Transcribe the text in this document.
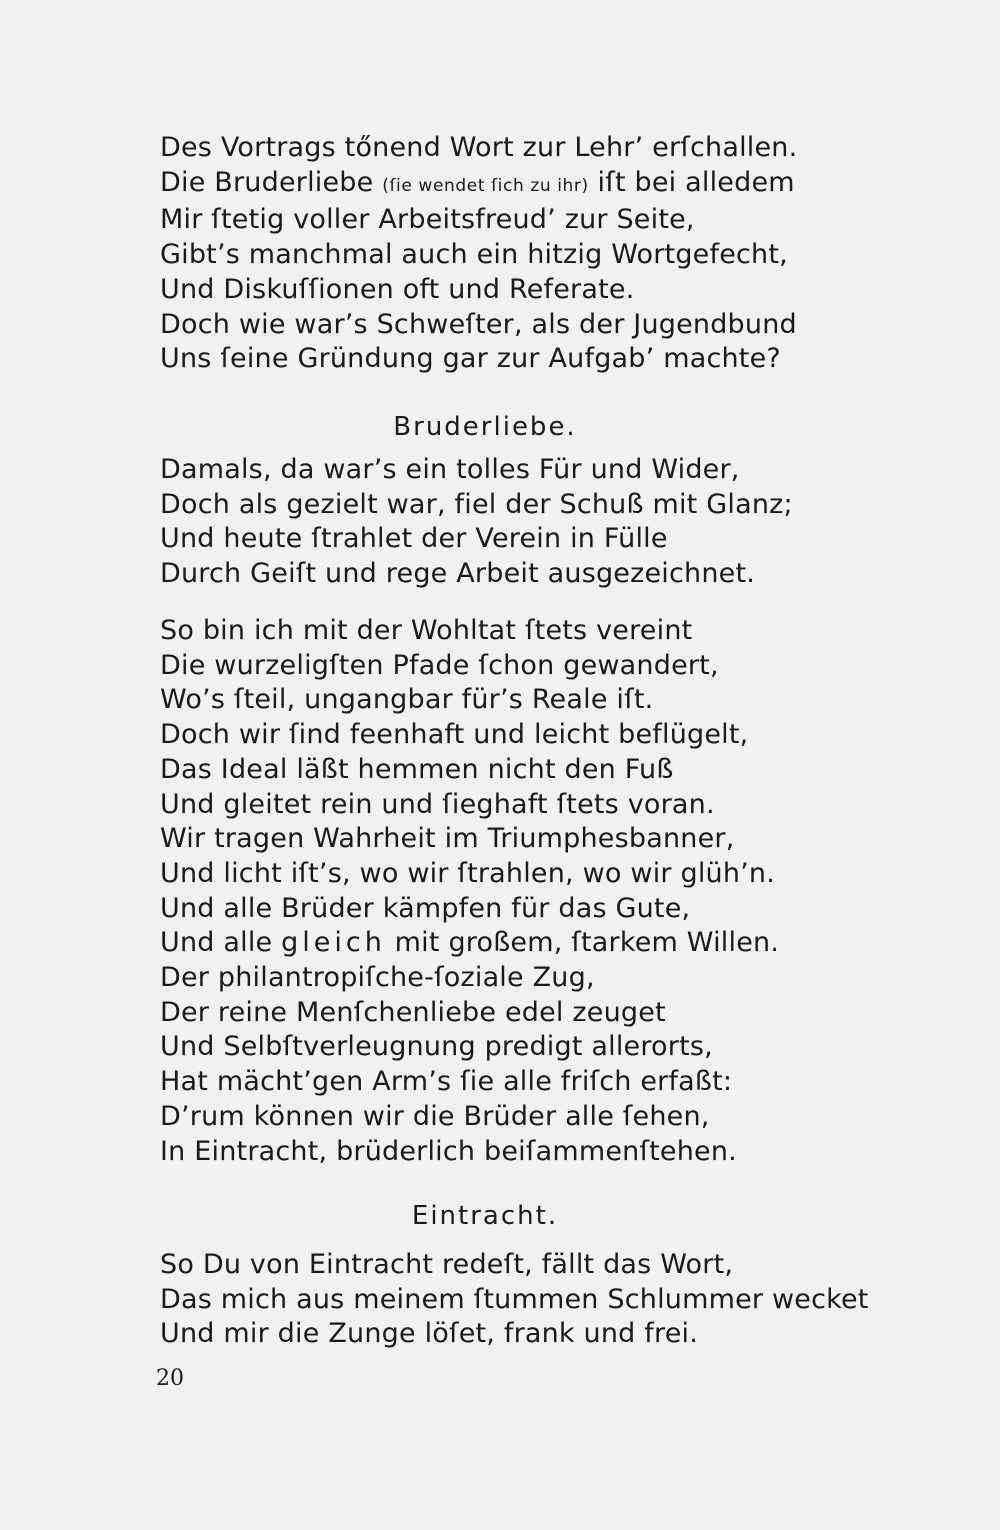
Des Vortrags tőnend Wort zur Lehr’ erſchallen.
Die Bruderliebe (ſie wendet ſich zu ihr) iſt bei alledem
Mir ſtetig voller Arbeitsfreud’ zur Seite,
Gibt’s manchmal auch ein hitzig Wortgefecht,
Und Diskuſſionen oft und Referate.
Doch wie war’s Schweſter, als der Jugendbund
Uns ſeine Gründung gar zur Aufgab’ machte?
Bruderliebe.
Damals, da war’s ein tolles Für und Wider,
Doch als gezielt war, fiel der Schuß mit Glanz;
Und heute ſtrahlet der Verein in Fülle
Durch Geiſt und rege Arbeit ausgezeichnet.
So bin ich mit der Wohltat ſtets vereint
Die wurzeligſten Pfade ſchon gewandert,
Wo’s ſteil, ungangbar für’s Reale iſt.
Doch wir ſind feenhaft und leicht beflügelt,
Das Ideal läßt hemmen nicht den Fuß
Und gleitet rein und ſieghaft ſtets voran.
Wir tragen Wahrheit im Triumphesbanner,
Und licht iſt’s, wo wir ſtrahlen, wo wir glüh’n.
Und alle Brüder kämpfen für das Gute,
Und alle gleich mit großem, ſtarkem Willen.
Der philantropiſche-ſoziale Zug,
Der reine Menſchenliebe edel zeuget
Und Selbſtverleugnung predigt allerorts,
Hat mächt’gen Arm’s ſie alle friſch erfaßt:
D’rum können wir die Brüder alle ſehen,
In Eintracht, brüderlich beiſammenſtehen.
Eintracht.
So Du von Eintracht redeſt, fällt das Wort,
Das mich aus meinem ſtummen Schlummer wecket
Und mir die Zunge löſet, frank und frei.
20
